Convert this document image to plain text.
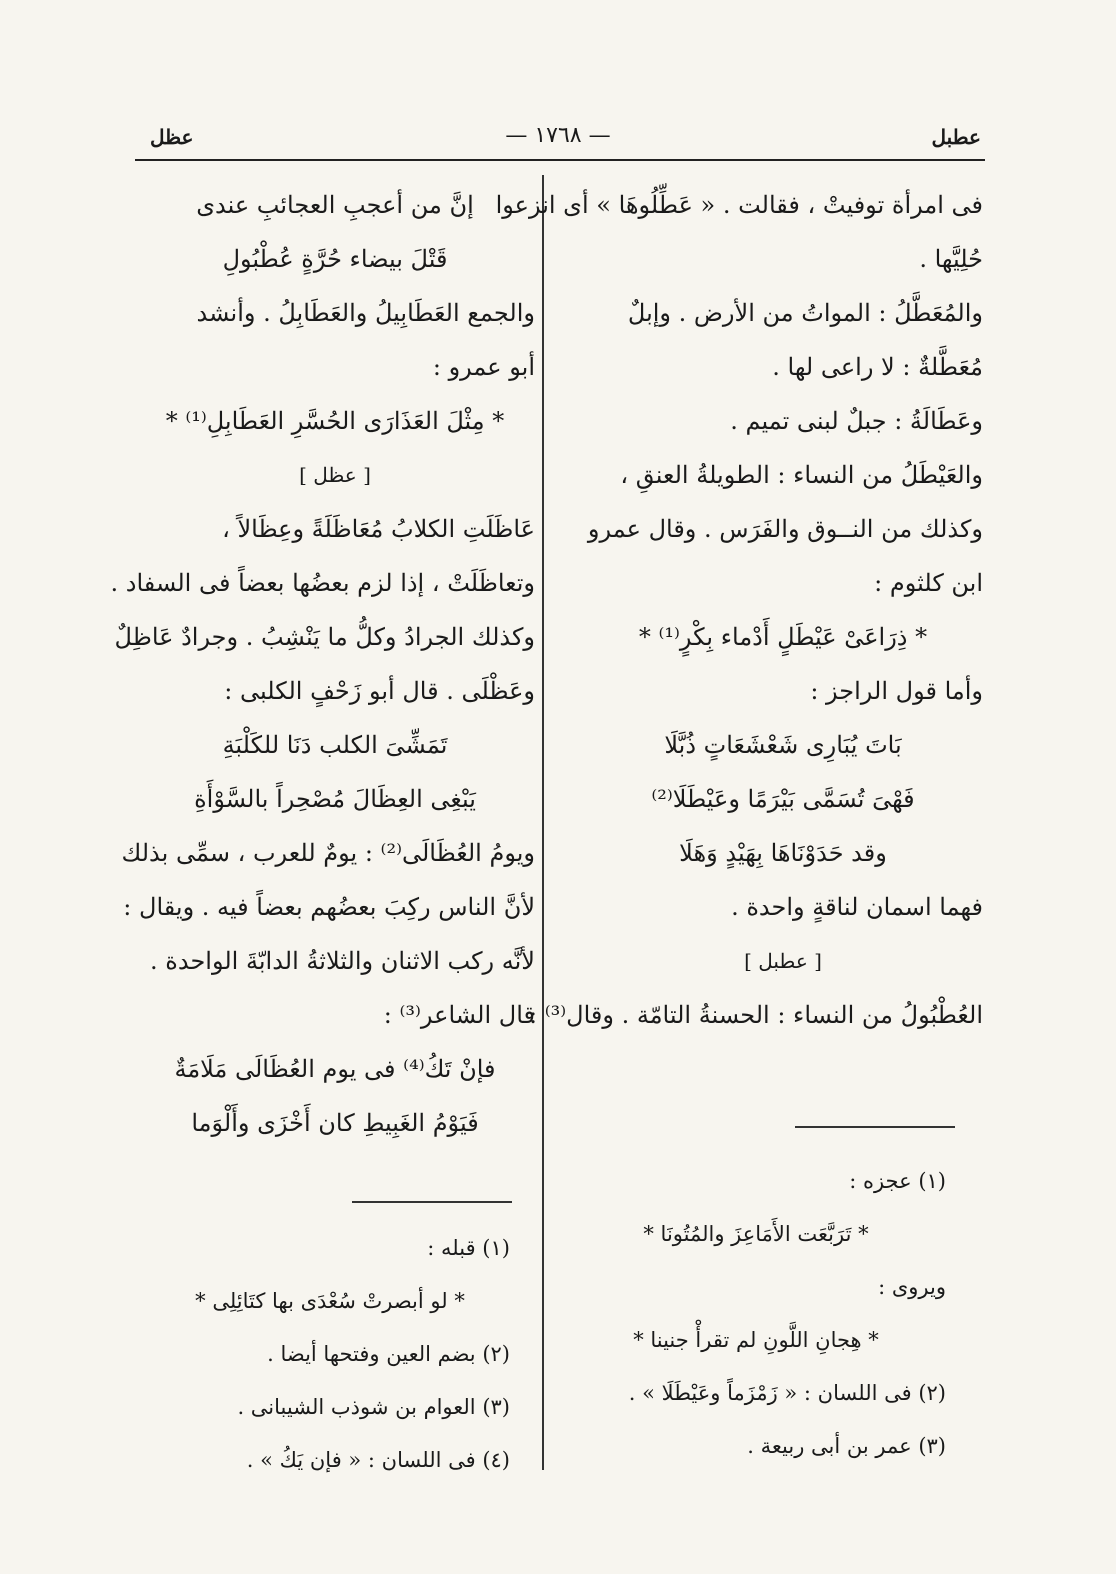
عطبل
— ١٧٦٨ —
عظل

فى امرأة توفيتْ ، فقالت . « عَطِّلُوهَا » أى انزعوا

حُلِيَّها .

والمُعَطَّلُ : المواتُ من الأرض . وإبلٌ

مُعَطَّلةٌ : لا راعى لها .

وعَطَالَةُ : جبلٌ لبنى تميم .

والعَيْطَلُ من النساء : الطويلةُ العنقِ ،

وكذلك من النــوق والفَرَس . وقال عمرو

ابن كلثوم :

* ذِرَاعَىْ عَيْطَلٍ أَدْماء بِكْرٍ⁽¹⁾ *

وأما قول الراجز :

بَاتَ يُبَارِى شَعْشَعَاتٍ ذُبَّلَا

فَهْىَ تُسَمَّى بَيْرَمًا وعَيْطَلَا⁽²⁾

وقد حَدَوْنَاهَا بِهَيْدٍ وَهَلَا

فهما اسمان لناقةٍ واحدة .

[ عطبل ]

العُطْبُولُ من النساء : الحسنةُ التامّة . وقال⁽³⁾ :

إنَّ من أعجبِ العجائبِ عندى

قَتْلَ بيضاء حُرَّةٍ عُطْبُولِ

والجمع العَطَابِيلُ والعَطَابِلُ . وأنشد

أبو عمرو :

* مِثْلَ العَذَارَى الحُسَّرِ العَطَابِلِ⁽¹⁾ *

[ عظل ]

عَاظَلَتِ الكلابُ مُعَاظَلَةً وعِظَالاً ،

وتعاظَلَتْ ، إذا لزم بعضُها بعضاً فى السفاد .

وكذلك الجرادُ وكلُّ ما يَنْشِبُ . وجرادٌ عَاظِلٌ

وعَظْلَى . قال أبو زَحْفٍ الكلبى :

تَمَشِّىَ الكلب دَنَا للكَلْبَةِ

يَبْغِى العِظَالَ مُصْحِراً بالسَّوْأَةِ

ويومُ العُظَالَى⁽²⁾ : يومٌ للعرب ، سمِّى بذلك

لأنَّ الناس ركِبَ بعضُهم بعضاً فيه . ويقال :

لأنَّه ركب الاثنان والثلاثةُ الدابّةَ الواحدة .

قال الشاعر⁽³⁾ :

فإنْ تَكُ⁽⁴⁾ فى يوم العُظَالَى مَلَامَةٌ

فَيَوْمُ الغَبِيطِ كان أَخْزَى وأَلْوَما

(١) عجزه :

* تَرَبَّعَت الأَمَاعِزَ والمُتُونَا *

ويروى :

* هِجانِ اللَّونِ لم تقرأْ جنينا *

(٢) فى اللسان : « زَمْزَماً وعَيْطَلَا » .

(٣) عمر بن أبى ربيعة .

(١) قبله :

* لو أبصرتْ سُعْدَى بها كتَائِلِى *

(٢) بضم العين وفتحها أيضا .

(٣) العوام بن شوذب الشيبانى .

(٤) فى اللسان : « فإن يَكُ » .
